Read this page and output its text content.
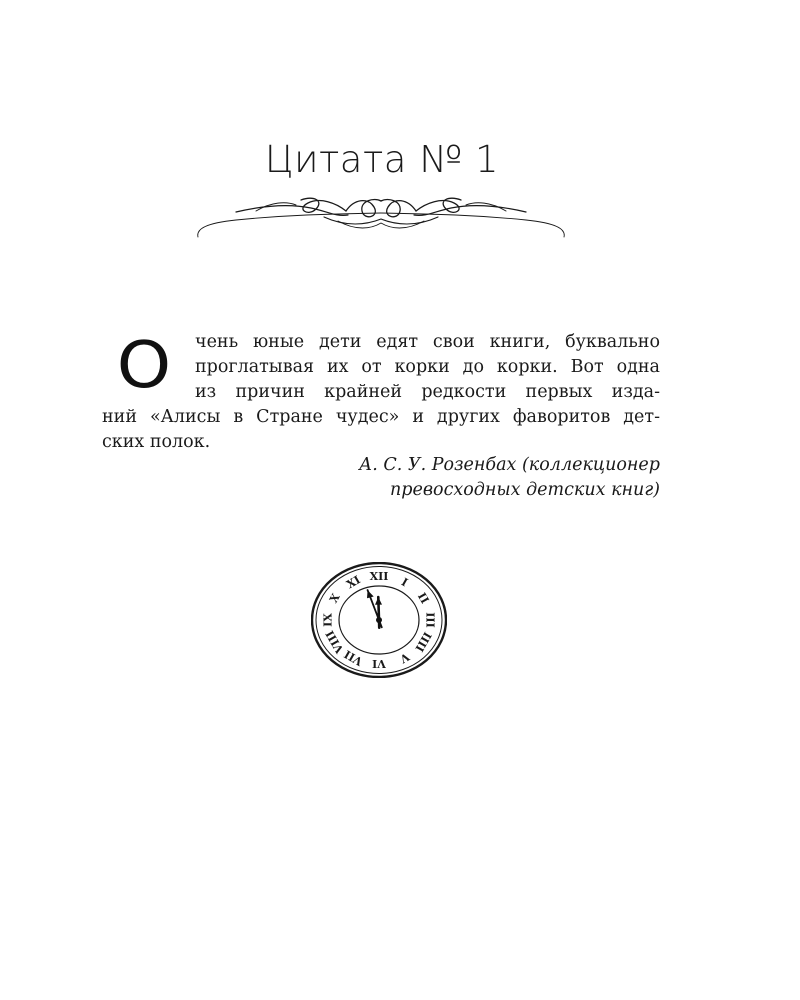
Цитата № 1
О чень юные дети едят свои книги, буквально
проглатывая их от корки до корки. Вот одна
из причин крайней редкости первых изда-
ний «Алисы в Стране чудес» и других фаворитов дет-
ских полок.
А. С. У. Розенбах (коллекционер
превосходных детских книг)
XII I
II
III
IIII
V
VI
VII
VIII
IX
X
XI
